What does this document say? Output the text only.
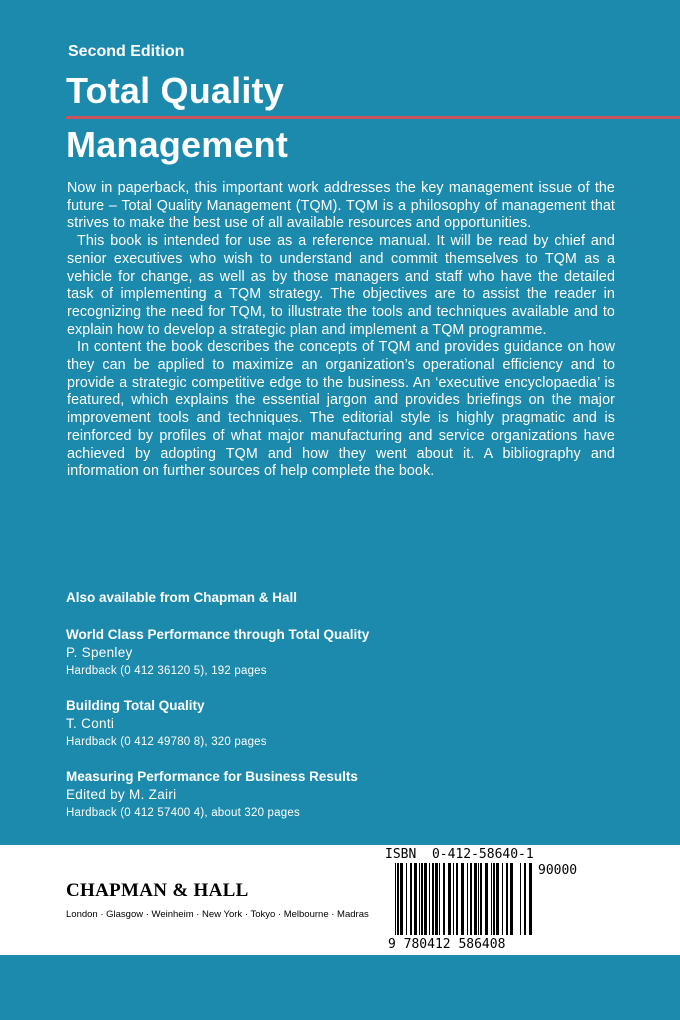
Second Edition
Total Quality
Management

Now in paperback, this important work addresses the key management issue of the future – Total Quality Management (TQM). TQM is a philosophy of management that strives to make the best use of all available resources and opportunities.

This book is intended for use as a reference manual. It will be read by chief and senior executives who wish to understand and commit themselves to TQM as a vehicle for change, as well as by those managers and staff who have the detailed task of implementing a TQM strategy. The objectives are to assist the reader in recognizing the need for TQM, to illustrate the tools and techniques available and to explain how to develop a strategic plan and implement a TQM programme.

In content the book describes the concepts of TQM and provides guidance on how they can be applied to maximize an organization’s operational efficiency and to provide a strategic competitive edge to the business. An ‘executive encyclopaedia’ is featured, which explains the essential jargon and provides briefings on the major improvement tools and techniques. The editorial style is highly pragmatic and is reinforced by profiles of what major manufacturing and service organizations have achieved by adopting TQM and how they went about it. A bibliography and information on further sources of help complete the book.

Also available from Chapman & Hall
World Class Performance through Total Quality
P. Spenley
Hardback (0 412 36120 5), 192 pages
Building Total Quality
T. Conti
Hardback (0 412 49780 8), 320 pages
Measuring Performance for Business Results
Edited by M. Zairi
Hardback (0 412 57400 4), about 320 pages
CHAPMAN & HALL
London · Glasgow · Weinheim · New York · Tokyo · Melbourne · Madras
ISBN  0-412-58640-1
90000
9 780412 586408
